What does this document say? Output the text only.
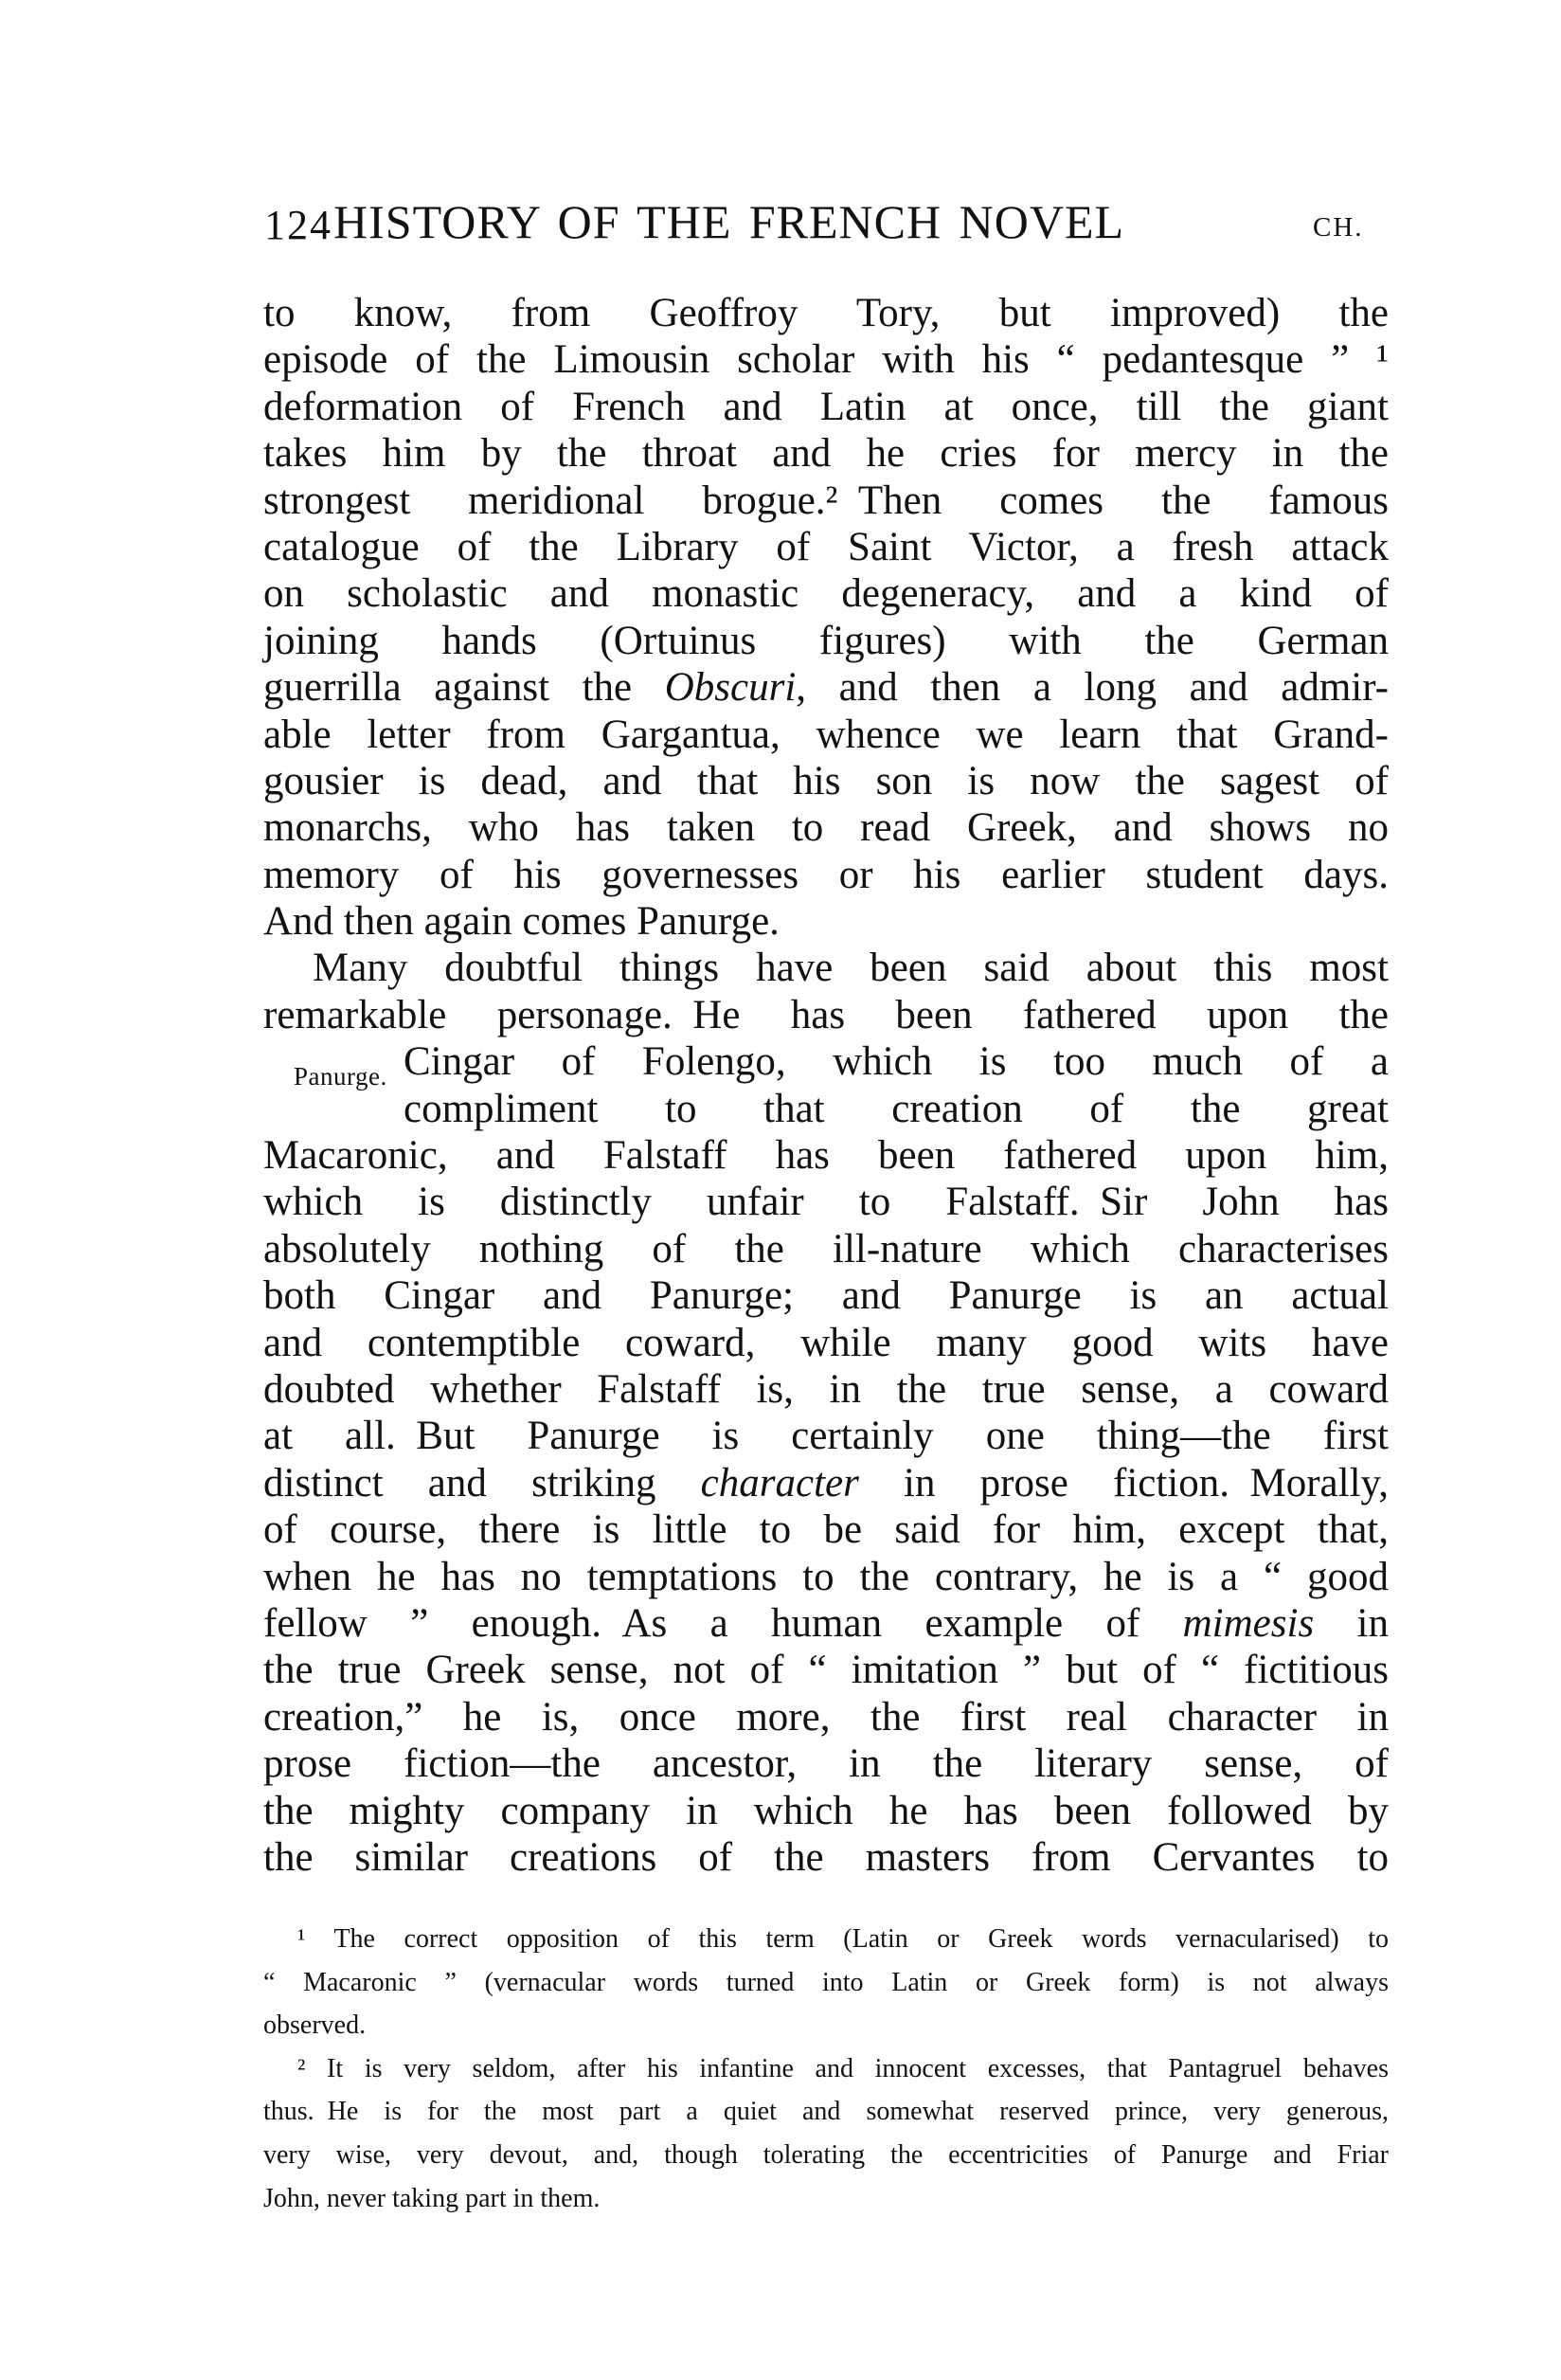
124 HISTORY OF THE FRENCH NOVEL	CH.
Panurge.
to know, from Geoffroy Tory, but improved) the
episode of the Limousin scholar with his “ pedantesque ” ¹
deformation of French and Latin at once, till the giant
takes him by the throat and he cries for mercy in the
strongest meridional brogue.² Then comes the famous
catalogue of the Library of Saint Victor, a fresh attack
on scholastic and monastic degeneracy, and a kind of
joining hands (Ortuinus figures) with the German
guerrilla against the Obscuri, and then a long and admir-
able letter from Gargantua, whence we learn that Grand-
gousier is dead, and that his son is now the sagest of
monarchs, who has taken to read Greek, and shows no
memory of his governesses or his earlier student days.
And then again comes Panurge.
Many doubtful things have been said about this most
remarkable personage. He has been fathered upon the
Cingar of Folengo, which is too much of a
compliment to that creation of the great
Macaronic, and Falstaff has been fathered upon him,
which is distinctly unfair to Falstaff. Sir John has
absolutely nothing of the ill-nature which characterises
both Cingar and Panurge; and Panurge is an actual
and contemptible coward, while many good wits have
doubted whether Falstaff is, in the true sense, a coward
at all. But Panurge is certainly one thing—the first
distinct and striking character in prose fiction. Morally,
of course, there is little to be said for him, except that,
when he has no temptations to the contrary, he is a “ good
fellow ” enough. As a human example of mimesis in
the true Greek sense, not of “ imitation ” but of “ fictitious
creation,” he is, once more, the first real character in
prose fiction—the ancestor, in the literary sense, of
the mighty company in which he has been followed by
the similar creations of the masters from Cervantes to
¹ The correct opposition of this term (Latin or Greek words vernacularised) to
“ Macaronic ” (vernacular words turned into Latin or Greek form) is not always
observed.
² It is very seldom, after his infantine and innocent excesses, that Pantagruel behaves
thus. He is for the most part a quiet and somewhat reserved prince, very generous,
very wise, very devout, and, though tolerating the eccentricities of Panurge and Friar
John, never taking part in them.
